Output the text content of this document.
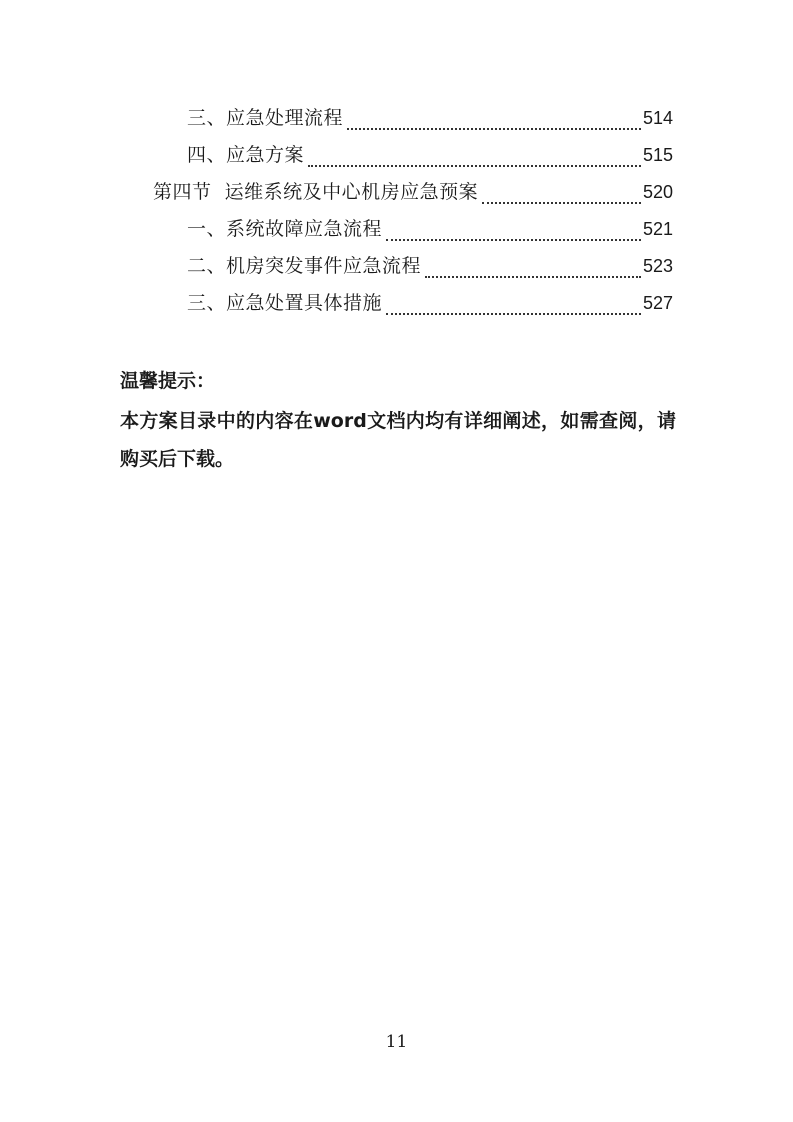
三、应急处理流程	514
四、应急方案	515
第四节  运维系统及中心机房应急预案	520
一、系统故障应急流程	521
二、机房突发事件应急流程	523
三、应急处置具体措施	527
温馨提示：
本方案目录中的内容在word文档内均有详细阐述，如需查阅，请购买后下载。
11
